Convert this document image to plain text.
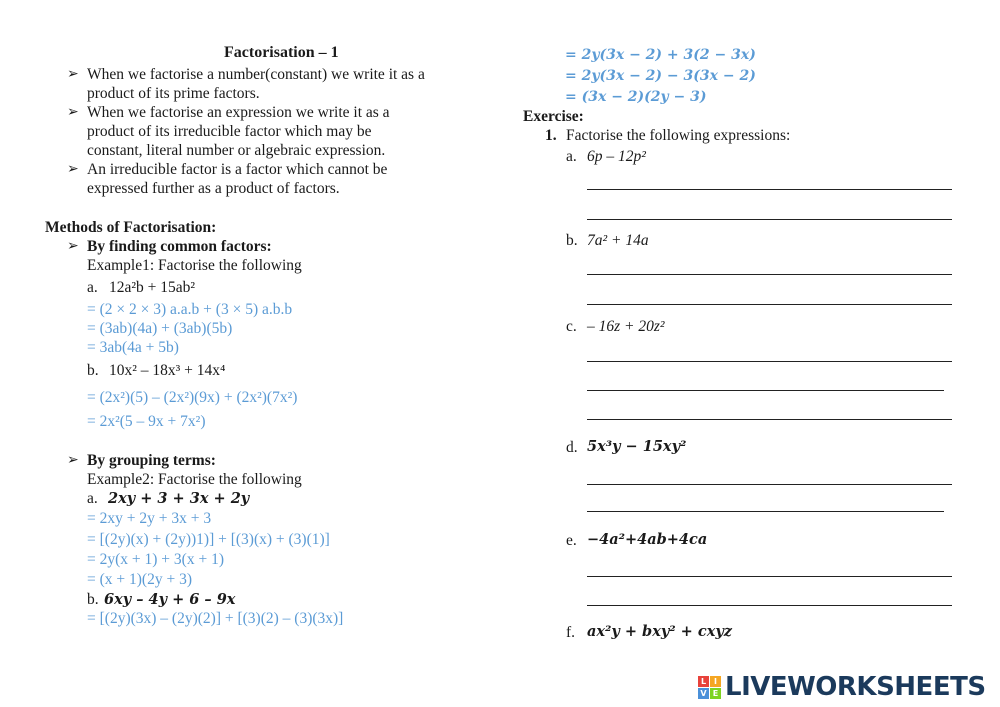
Factorisation – 1
➢ When we factorise a number(constant) we write it as a
product of its prime factors.
➢ When we factorise an expression we write it as a
product of its irreducible factor which may be
constant, literal number or algebraic expression.
➢ An irreducible factor is a factor which cannot be
expressed further as a product of factors.
Methods of Factorisation:
➢ By finding common factors:
Example1: Factorise the following
a. 12a²b + 15ab²
= (2 × 2 × 3) a.a.b + (3 × 5) a.b.b
= (3ab)(4a) + (3ab)(5b)
= 3ab(4a + 5b)
b. 10x² – 18x³ + 14x⁴
= (2x²)(5) – (2x²)(9x) + (2x²)(7x²)
= 2x²(5 – 9x + 7x²)
➢ By grouping terms:
Example2: Factorise the following
a. 2xy + 3 + 3x + 2y
= 2xy + 2y + 3x + 3
= [(2y)(x) + (2y))1)] + [(3)(x) + (3)(1)]
= 2y(x + 1) + 3(x + 1)
= (x + 1)(2y + 3)
b. 6xy – 4y + 6 – 9x
= [(2y)(3x) – (2y)(2)] + [(3)(2) – (3)(3x)]
= 2y(3x − 2) + 3(2 − 3x)
= 2y(3x − 2) − 3(3x − 2)
= (3x − 2)(2y − 3)
Exercise:
1. Factorise the following expressions:
a. 6p – 12p²
b. 7a² + 14a
c. – 16z + 20z²
d. 5x³y − 15xy²
e. −4a²+4ab+4ca
f. ax²y + bxy² + cxyz
L I
V E LIVEWORKSHEETS
